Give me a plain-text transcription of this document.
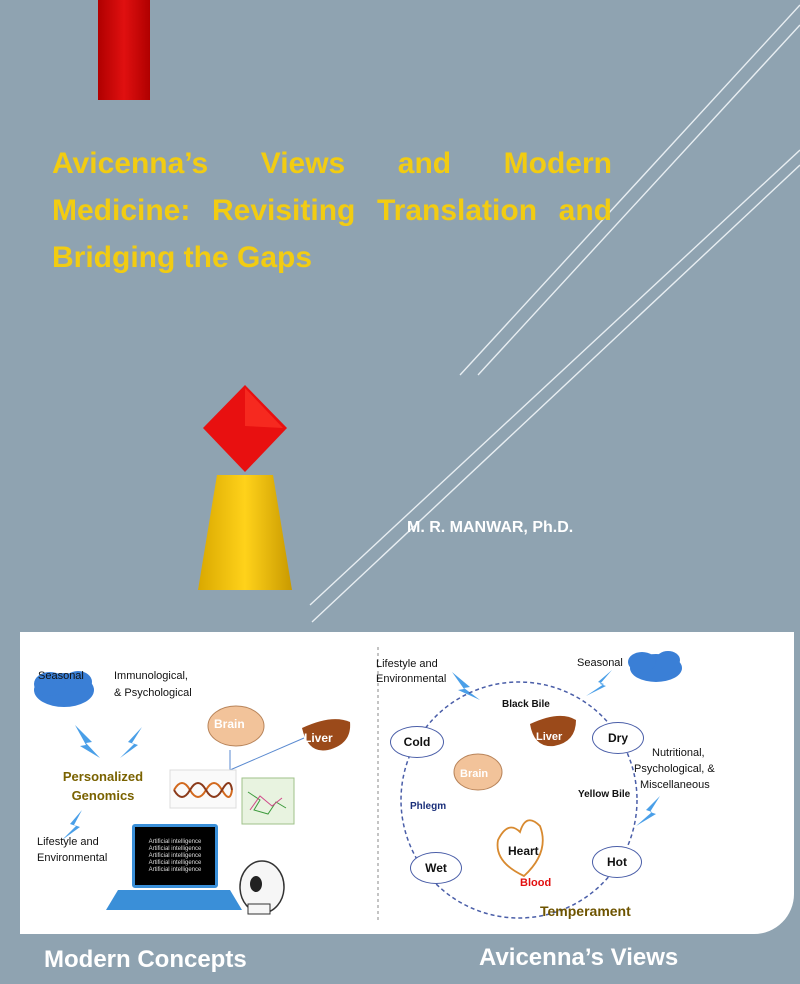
Avicenna’s Views and Modern Medicine: Revisiting Translation and Bridging the Gaps
M. R. MANWAR, Ph.D.
Seasonal	Immunological,
& Psychological
Brain
Liver
Personalized
Genomics
Lifestyle and
Environmental
Artificial intelligence
Artificial intelligence
Artificial intelligence
Artificial intelligence
Artificial intelligence
Lifestyle and
Environmental
Seasonal
Black Bile
Cold	Dry
Liver
Brain
Nutritional,
Psychological, &
Miscellaneous
Yellow Bile
Phlegm
Heart
Wet	Hot
Blood
Temperament
Modern Concepts	Avicenna’s Views
